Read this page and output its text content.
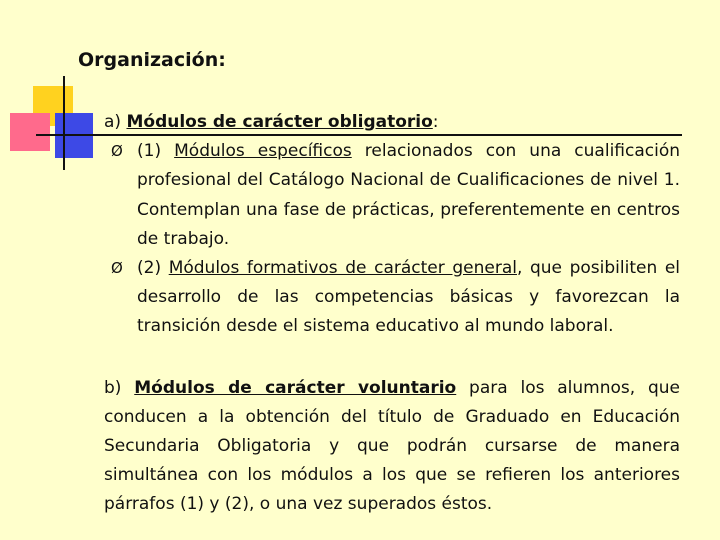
Organización:

a) Módulos de carácter obligatorio:

Ø (1) Módulos específicos relacionados con una cualificación profesional del Catálogo Nacional de Cualificaciones de nivel 1. Contemplan una fase de prácticas, preferentemente en centros de trabajo.

Ø (2) Módulos formativos de carácter general, que posibiliten el desarrollo de las competencias básicas y favorezcan la transición desde el sistema educativo al mundo laboral.

b) Módulos de carácter voluntario para los alumnos, que conducen a la obtención del título de Graduado en Educación Secundaria Obligatoria y que podrán cursarse de manera simultánea con los módulos a los que se refieren los anteriores párrafos (1) y (2), o una vez superados éstos.
